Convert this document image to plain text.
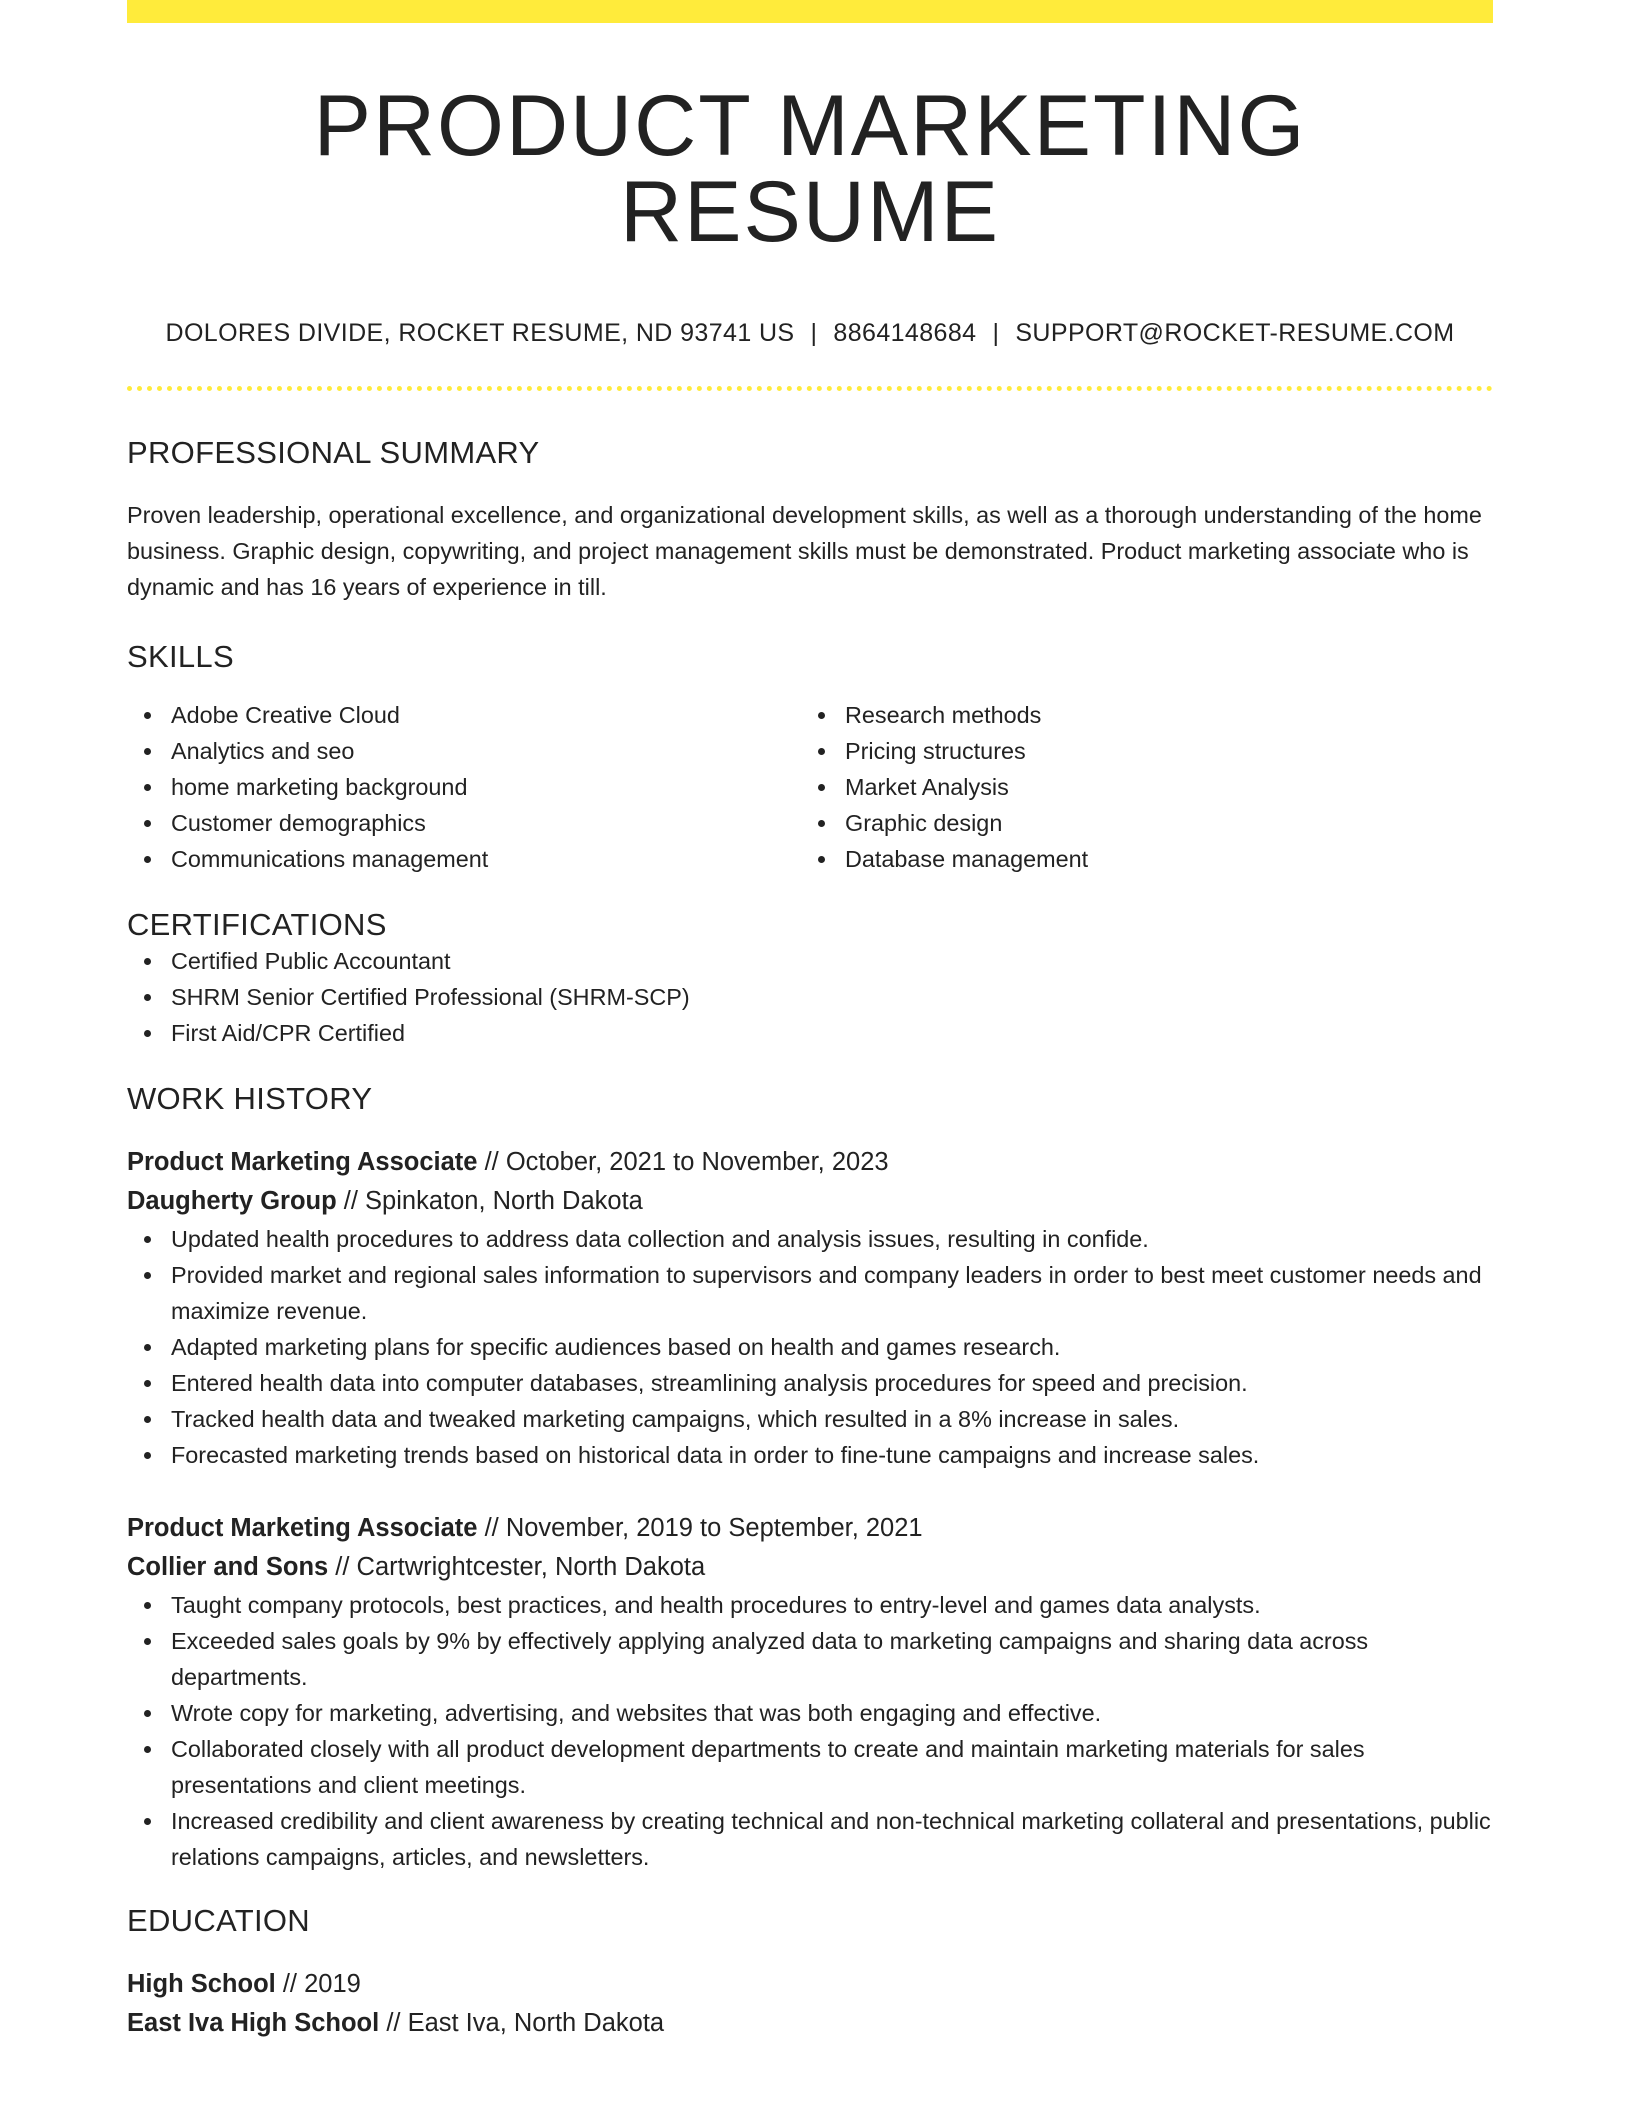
PRODUCT MARKETING RESUME
DOLORES DIVIDE, ROCKET RESUME, ND 93741 US | 8864148684 | SUPPORT@ROCKET-RESUME.COM
PROFESSIONAL SUMMARY

Proven leadership, operational excellence, and organizational development skills, as well as a thorough understanding of the home business. Graphic design, copywriting, and project management skills must be demonstrated. Product marketing associate who is dynamic and has 16 years of experience in till.

SKILLS
Adobe Creative Cloud
Analytics and seo
home marketing background
Customer demographics
Communications management
Research methods
Pricing structures
Market Analysis
Graphic design
Database management
CERTIFICATIONS
Certified Public Accountant
SHRM Senior Certified Professional (SHRM-SCP)
First Aid/CPR Certified
WORK HISTORY
Product Marketing Associate // October, 2021 to November, 2023
Daugherty Group // Spinkaton, North Dakota
Updated health procedures to address data collection and analysis issues, resulting in confide.
Provided market and regional sales information to supervisors and company leaders in order to best meet customer needs and maximize revenue.
Adapted marketing plans for specific audiences based on health and games research.
Entered health data into computer databases, streamlining analysis procedures for speed and precision.
Tracked health data and tweaked marketing campaigns, which resulted in a 8% increase in sales.
Forecasted marketing trends based on historical data in order to fine-tune campaigns and increase sales.
Product Marketing Associate // November, 2019 to September, 2021
Collier and Sons // Cartwrightcester, North Dakota
Taught company protocols, best practices, and health procedures to entry-level and games data analysts.
Exceeded sales goals by 9% by effectively applying analyzed data to marketing campaigns and sharing data across departments.
Wrote copy for marketing, advertising, and websites that was both engaging and effective.
Collaborated closely with all product development departments to create and maintain marketing materials for sales presentations and client meetings.
Increased credibility and client awareness by creating technical and non-technical marketing collateral and presentations, public relations campaigns, articles, and newsletters.
EDUCATION
High School // 2019
East Iva High School // East Iva, North Dakota
